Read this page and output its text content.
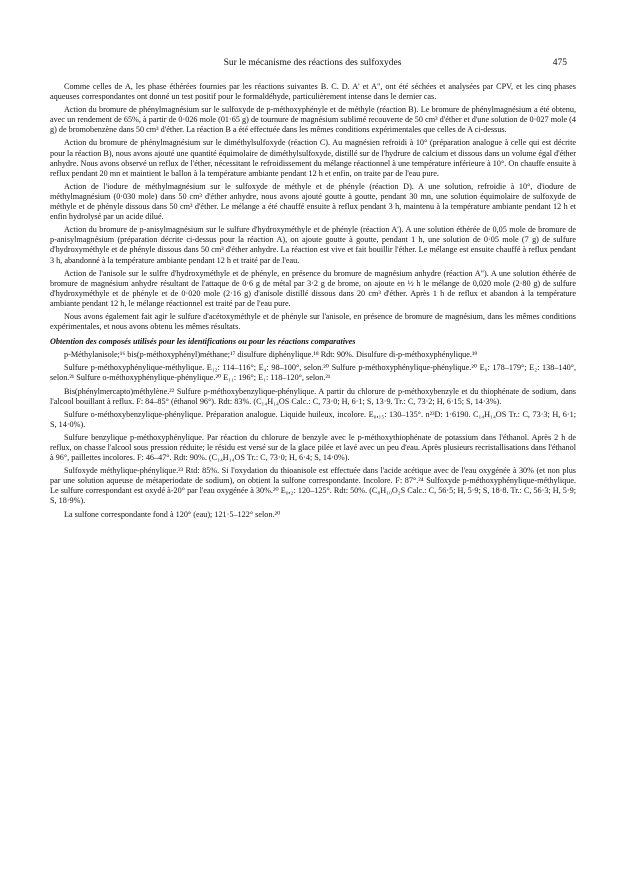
Sur le mécanisme des réactions des sulfoxydes	475

Comme celles de A, les phase éthérées fournies par les réactions suivantes B. C. D. A' et A", ont été séchées et analysées par CPV, et les cinq phases aqueuses correspondantes ont donné un test positif pour le formaldéhyde, particulièrement intense dans le dernier cas.

Action du bromure de phénylmagnésium sur le sulfoxyde de p-méthoxyphényle et de méthyle (réaction B). Le bromure de phénylmagnésium a été obtenu, avec un rendement de 65%, à partir de 0·026 mole (01·65 g) de tournure de magnésium sublimé recouverte de 50 cm³ d'éther et d'une solution de 0·027 mole (4 g) de bromobenzène dans 50 cm³ d'éther. La réaction B a été effectuée dans les mêmes conditions expérimentales que celles de A ci-dessus.

Action du bromure de phénylmagnésium sur le diméthylsulfoxyde (réaction C). Au magnésien refroidi à 10° (préparation analogue à celle qui est décrite pour la réaction B), nous avons ajouté une quantité équimolaire de diméthylsulfoxyde, distillé sur de l'hydrure de calcium et dissous dans un volume égal d'éther anhydre. Nous avons observé un reflux de l'éther, nécessitant le refroidissement du mélange réactionnel à une température inférieure à 10°. On chauffe ensuite à reflux pendant 20 mn et maintient le ballon à la température ambiante pendant 12 h et enfin, on traite par de l'eau pure.

Action de l'iodure de méthylmagnésium sur le sulfoxyde de méthyle et de phényle (réaction D). A une solution, refroidie à 10°, d'iodure de méthylmagnésium (0·030 mole) dans 50 cm³ d'éther anhydre, nous avons ajouté goutte à goutte, pendant 30 mn, une solution équimolaire de sulfoxyde de méthyle et de phényle dissous dans 50 cm³ d'éther. Le mélange a été chauffé ensuite à reflux pendant 3 h, maintenu à la température ambiante pendant 12 h et enfin hydrolysé par un acide dilué.

Action du bromure de p-anisylmagnésium sur le sulfure d'hydroxyméthyle et de phényle (réaction A'). A une solution éthérée de 0,05 mole de bromure de p-anisylmagnésium (préparation décrite ci-dessus pour la réaction A), on ajoute goutte à goutte, pendant 1 h, une solution de 0·05 mole (7 g) de sulfure d'hydroxyméthyle et de phényle dissous dans 50 cm³ d'éther anhydre. La réaction est vive et fait bouillir l'éther. Le mélange est ensuite chauffé à reflux pendant 3 h, abandonné à la température ambiante pendant 12 h et traité par de l'eau.

Action de l'anisole sur le sulfre d'hydroxyméthyle et de phényle, en présence du bromure de magnésium anhydre (réaction A"). A une solution éthérée de bromure de magnésium anhydre résultant de l'attaque de 0·6 g de métal par 3·2 g de brome, on ajoute en ½ h le mélange de 0,020 mole (2·80 g) de sulfure d'hydroxyméthyle et de phényle et de 0·020 mole (2·16 g) d'anisole distillé dissous dans 20 cm³ d'éther. Après 1 h de reflux et abandon à la température ambiante pendant 12 h, le mélange réactionnel est traité par de l'eau pure.

Nous avons également fait agir le sulfure d'acétoxyméthyle et de phényle sur l'anisole, en présence de bromure de magnésium, dans les mêmes conditions expérimentales, et nous avons obtenu les mêmes résultats.

Obtention des composés utilisés pour les identifications ou pour les réactions comparatives

p-Méthylanisole;¹⁶ bis(p-méthoxyphényl)méthane;¹⁷ disulfure diphénylique.¹⁸ Rdt: 90%. Disulfure di-p-méthoxyphénylique.¹⁹

Sulfure p-méthoxyphénylique-méthylique. E₁₂: 114–116°; E₄: 98–100°, selon.²⁰ Sulfure p-méthoxyphénylique-phénylique.²⁰ E₉: 178–179°; E₂: 138–140°, selon.²¹ Sulfure o-méthoxyphénylique-phénylique.²⁰ E₁₁: 196°; E₁: 118–120°, selon.²¹

Bis(phénylmercapto)méthylène.²² Sulfure p-méthoxybenzylique-phénylique. A partir du chlorure de p-méthoxybenzyle et du thiophénate de sodium, dans l'alcool bouillant à reflux. F: 84–85° (éthanol 96°). Rdt: 83%. (C₁₄H₁₄OS Calc.: C, 73·0; H, 6·1; S, 13·9. Tr.: C, 73·2; H, 6·15; S, 14·3%).

Sulfure o-méthoxybenzylique-phénylique. Préparation analogue. Liquide huileux, incolore. E₀,₁₅: 130–135°. n²³D: 1·6190. C₁₄H₁₄OS Tr.: C, 73·3; H, 6·1; S, 14·0%).

Sulfure benzylique p-méthoxyphénylique. Par réaction du chlorure de benzyle avec le p-méthoxythiophénate de potassium dans l'éthanol. Après 2 h de reflux, on chasse l'alcool sous pression réduite; le résidu est versé sur de la glace pilée et lavé avec un peu d'eau. Après plusieurs recristallisations dans l'éthanol à 96°, paillettes incolores. F: 46–47°. Rdt: 90%. (C₁₄H₁₄OS Tr.: C, 73·0; H, 6·4; S, 14·0%).

Sulfoxyde méthylique-phénylique.²³ Rtd: 85%. Si l'oxydation du thioanisole est effectuée dans l'acide acétique avec de l'eau oxygénée à 30% (et non plus par une solution aqueuse de métaperiodate de sodium), on obtient la sulfone correspondante. Incolore. F: 87°.²⁴ Sulfoxyde p-méthoxyphénylique-méthylique. Le sulfure correspondant est oxydé à-20° par l'eau oxygénée à 30%.²⁰ E₀,₂: 120–125°. Rdt: 50%. (C₈H₁₀O₂S Calc.: C, 56·5; H, 5·9; S, 18·8. Tr.: C, 56·3; H, 5·9; S, 18·9%).

La sulfone correspondante fond à 120° (eau); 121·5–122° selon.²⁰
